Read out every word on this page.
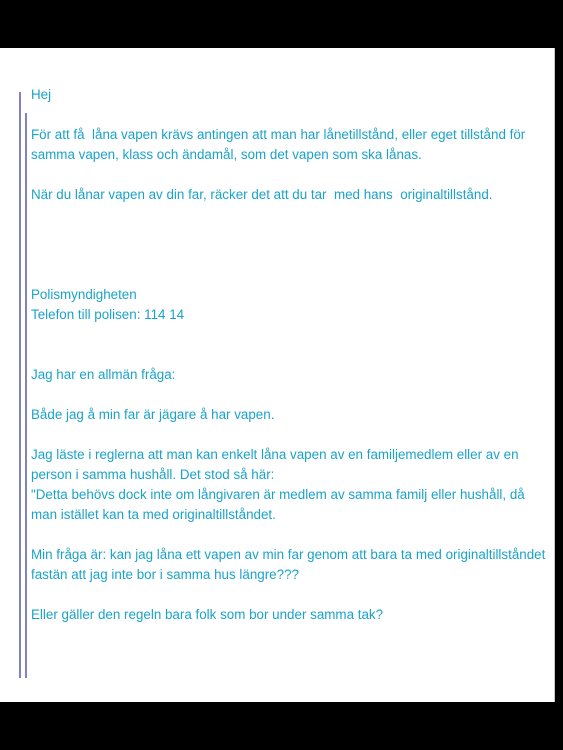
Hej
För att få  låna vapen krävs antingen att man har lånetillstånd, eller eget tillstånd för
samma vapen, klass och ändamål, som det vapen som ska lånas.
När du lånar vapen av din far, räcker det att du tar  med hans  originaltillstånd.
Polismyndigheten
Telefon till polisen: 114 14
Jag har en allmän fråga:
Både jag å min far är jägare å har vapen.
Jag läste i reglerna att man kan enkelt låna vapen av en familjemedlem eller av en
person i samma hushåll. Det stod så här:
"Detta behövs dock inte om långivaren är medlem av samma familj eller hushåll, då
man istället kan ta med originaltillståndet.
Min fråga är: kan jag låna ett vapen av min far genom att bara ta med originaltillståndet
fastän att jag inte bor i samma hus längre???
Eller gäller den regeln bara folk som bor under samma tak?
